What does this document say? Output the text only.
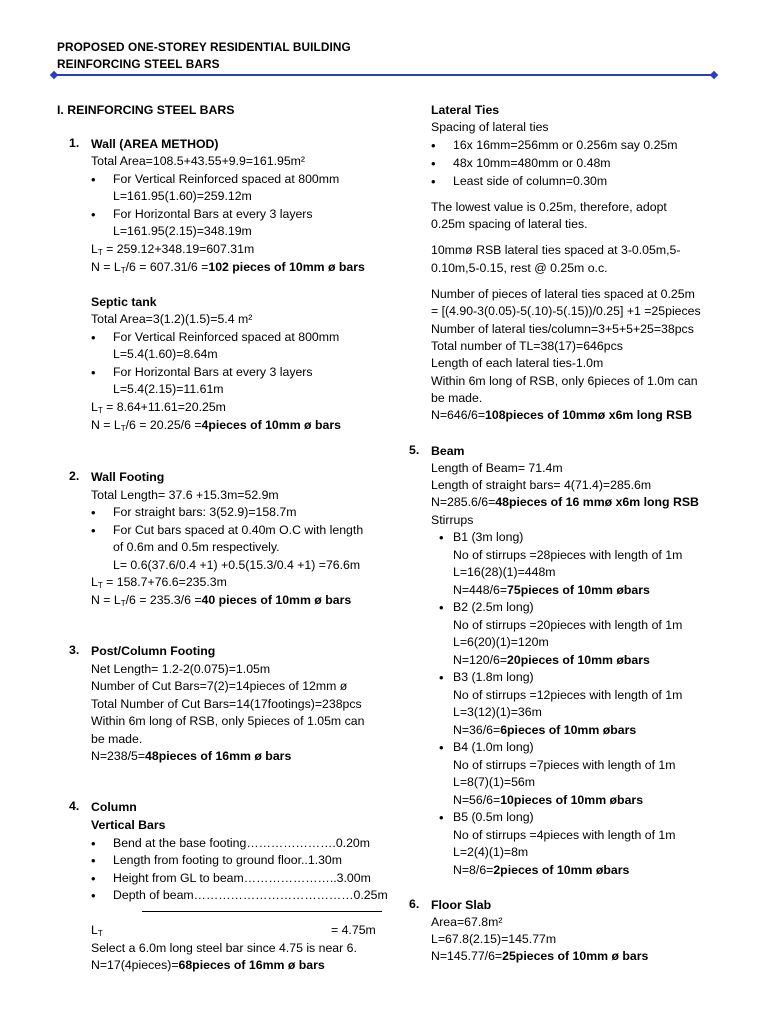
PROPOSED ONE-STOREY RESIDENTIAL BUILDING
REINFORCING STEEL BARS
I. REINFORCING STEEL BARS
1. Wall (AREA METHOD)
Total Area=108.5+43.55+9.9=161.95m²
• For Vertical Reinforced spaced at 800mm
L=161.95(1.60)=259.12m
• For Horizontal Bars at every 3 layers
L=161.95(2.15)=348.19m
$L_T = 259.12+348.19=607.31m$
$N = L_T/6 = 607.31/6 =102$ pieces of 10mm ø bars
Septic tank
Total Area=3(1.2)(1.5)=5.4 m²
• For Vertical Reinforced spaced at 800mm
L=5.4(1.60)=8.64m
• For Horizontal Bars at every 3 layers
L=5.4(2.15)=11.61m
$L_T = 8.64+11.61=20.25m$
$N = L_T/6 = 20.25/6$ =4pieces of 10mm ø bars
2. Wall Footing
Total Length= 37.6 +15.3m=52.9m
• For straight bars: 3(52.9)=158.7m
• For Cut bars spaced at 0.40m O.C with length
of 0.6m and 0.5m respectively.
L= 0.6(37.6/0.4 +1) +0.5(15.3/0.4 +1) =76.6m
$L_T = 158.7+76.6=235.3m$
$N = L_T/6 = 235.3/6 =40$ pieces of 10mm ø bars
3. Post/Column Footing
Net Length= 1.2-2(0.075)=1.05m
Number of Cut Bars=7(2)=14pieces of 12mm ø
Total Number of Cut Bars=14(17footings)=238pcs
Within 6m long of RSB, only 5pieces of 1.05m can
be made.
N=238/5=48pieces of 16mm ø bars
4. Column
Vertical Bars
• Bend at the base footing………………….0.20m
• Length from footing to ground floor..1.30m
• Height from GL to beam…………………..3.00m
• Depth of beam…………………………………0.25m
$L_T$	= 4.75m
Select a 6.0m long steel bar since 4.75 is near 6.
N=17(4pieces)=68pieces of 16mm ø bars
Lateral Ties
Spacing of lateral ties
• 16x 16mm=256mm or 0.256m say 0.25m
• 48x 10mm=480mm or 0.48m
• Least side of column=0.30m
The lowest value is 0.25m, therefore, adopt
0.25m spacing of lateral ties.
10mmø RSB lateral ties spaced at 3-0.05m,5-
0.10m,5-0.15, rest @ 0.25m o.c.
Number of pieces of lateral ties spaced at 0.25m
= [(4.90-3(0.05)-5(.10)-5(.15))/0.25] +1 =25pieces
Number of lateral ties/column=3+5+5+25=38pcs
Total number of TL=38(17)=646pcs
Length of each lateral ties-1.0m
Within 6m long of RSB, only 6pieces of 1.0m can
be made.
N=646/6=108pieces of 10mmø x6m long RSB
5. Beam
Length of Beam= 71.4m
Length of straight bars= 4(71.4)=285.6m
N=285.6/6=48pieces of 16 mmø x6m long RSB
Stirrups
• B1 (3m long)
No of stirrups =28pieces with length of 1m
L=16(28)(1)=448m
N=448/6=75pieces of 10mm øbars
• B2 (2.5m long)
No of stirrups =20pieces with length of 1m
L=6(20)(1)=120m
N=120/6=20pieces of 10mm øbars
• B3 (1.8m long)
No of stirrups =12pieces with length of 1m
L=3(12)(1)=36m
N=36/6=6pieces of 10mm øbars
• B4 (1.0m long)
No of stirrups =7pieces with length of 1m
L=8(7)(1)=56m
N=56/6=10pieces of 10mm øbars
• B5 (0.5m long)
No of stirrups =4pieces with length of 1m
L=2(4)(1)=8m
N=8/6=2pieces of 10mm øbars
6. Floor Slab
Area=67.8m²
L=67.8(2.15)=145.77m
N=145.77/6=25pieces of 10mm ø bars
